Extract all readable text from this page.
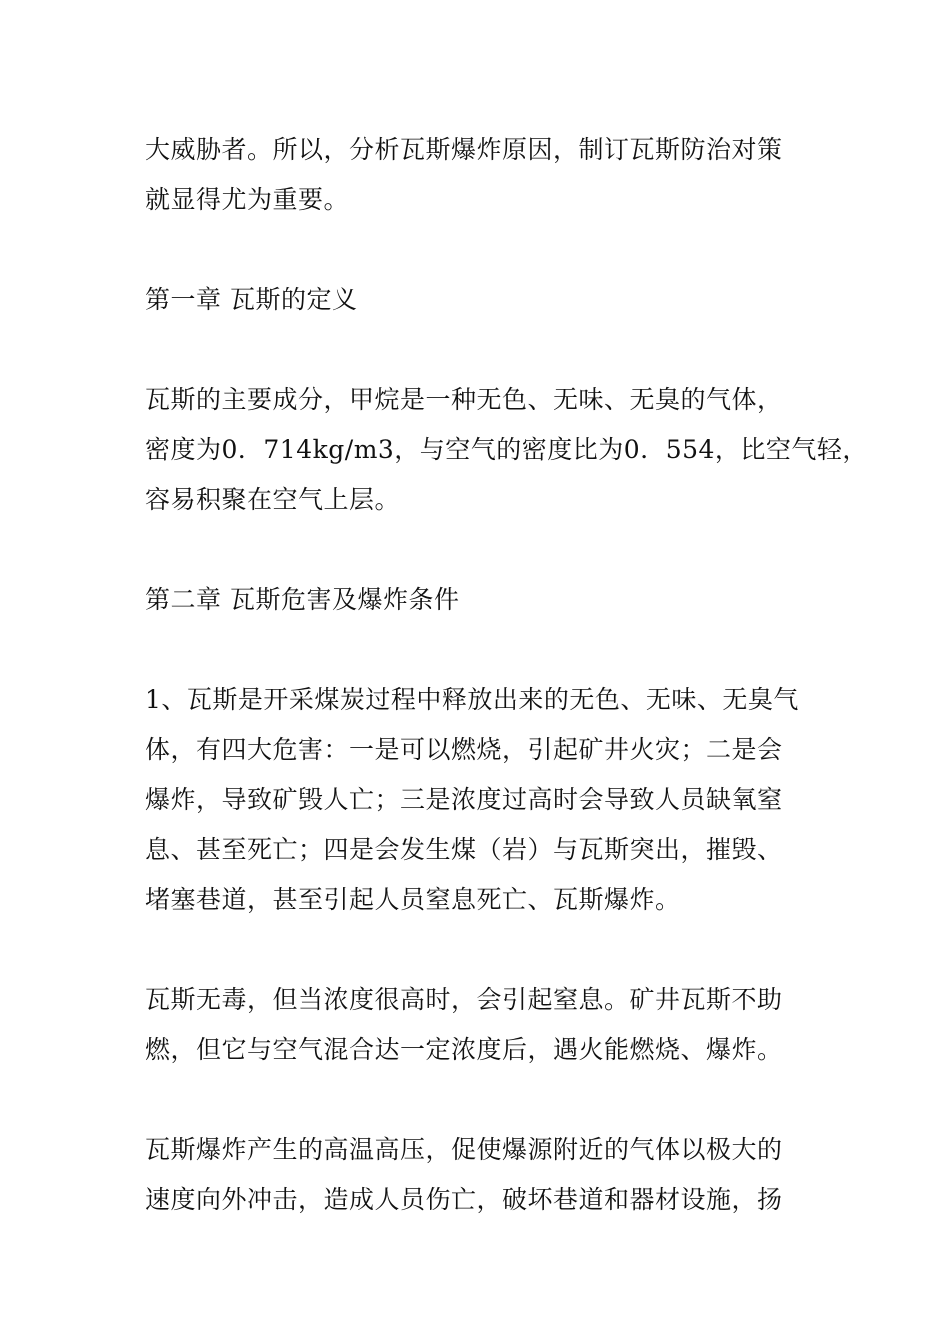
大威胁者。所以，分析瓦斯爆炸原因，制订瓦斯防治对策
就显得尤为重要。
第一章 瓦斯的定义
瓦斯的主要成分，甲烷是一种无色、无味、无臭的气体，
密度为0．714kg/m3，与空气的密度比为0．554，比空气轻，
容易积聚在空气上层。
第二章 瓦斯危害及爆炸条件
1、瓦斯是开采煤炭过程中释放出来的无色、无味、无臭气
体，有四大危害：一是可以燃烧，引起矿井火灾；二是会
爆炸，导致矿毁人亡；三是浓度过高时会导致人员缺氧窒
息、甚至死亡；四是会发生煤（岩）与瓦斯突出，摧毁、
堵塞巷道，甚至引起人员窒息死亡、瓦斯爆炸。
瓦斯无毒，但当浓度很高时，会引起窒息。矿井瓦斯不助
燃，但它与空气混合达一定浓度后，遇火能燃烧、爆炸。
瓦斯爆炸产生的高温高压，促使爆源附近的气体以极大的
速度向外冲击，造成人员伤亡，破坏巷道和器材设施，扬
